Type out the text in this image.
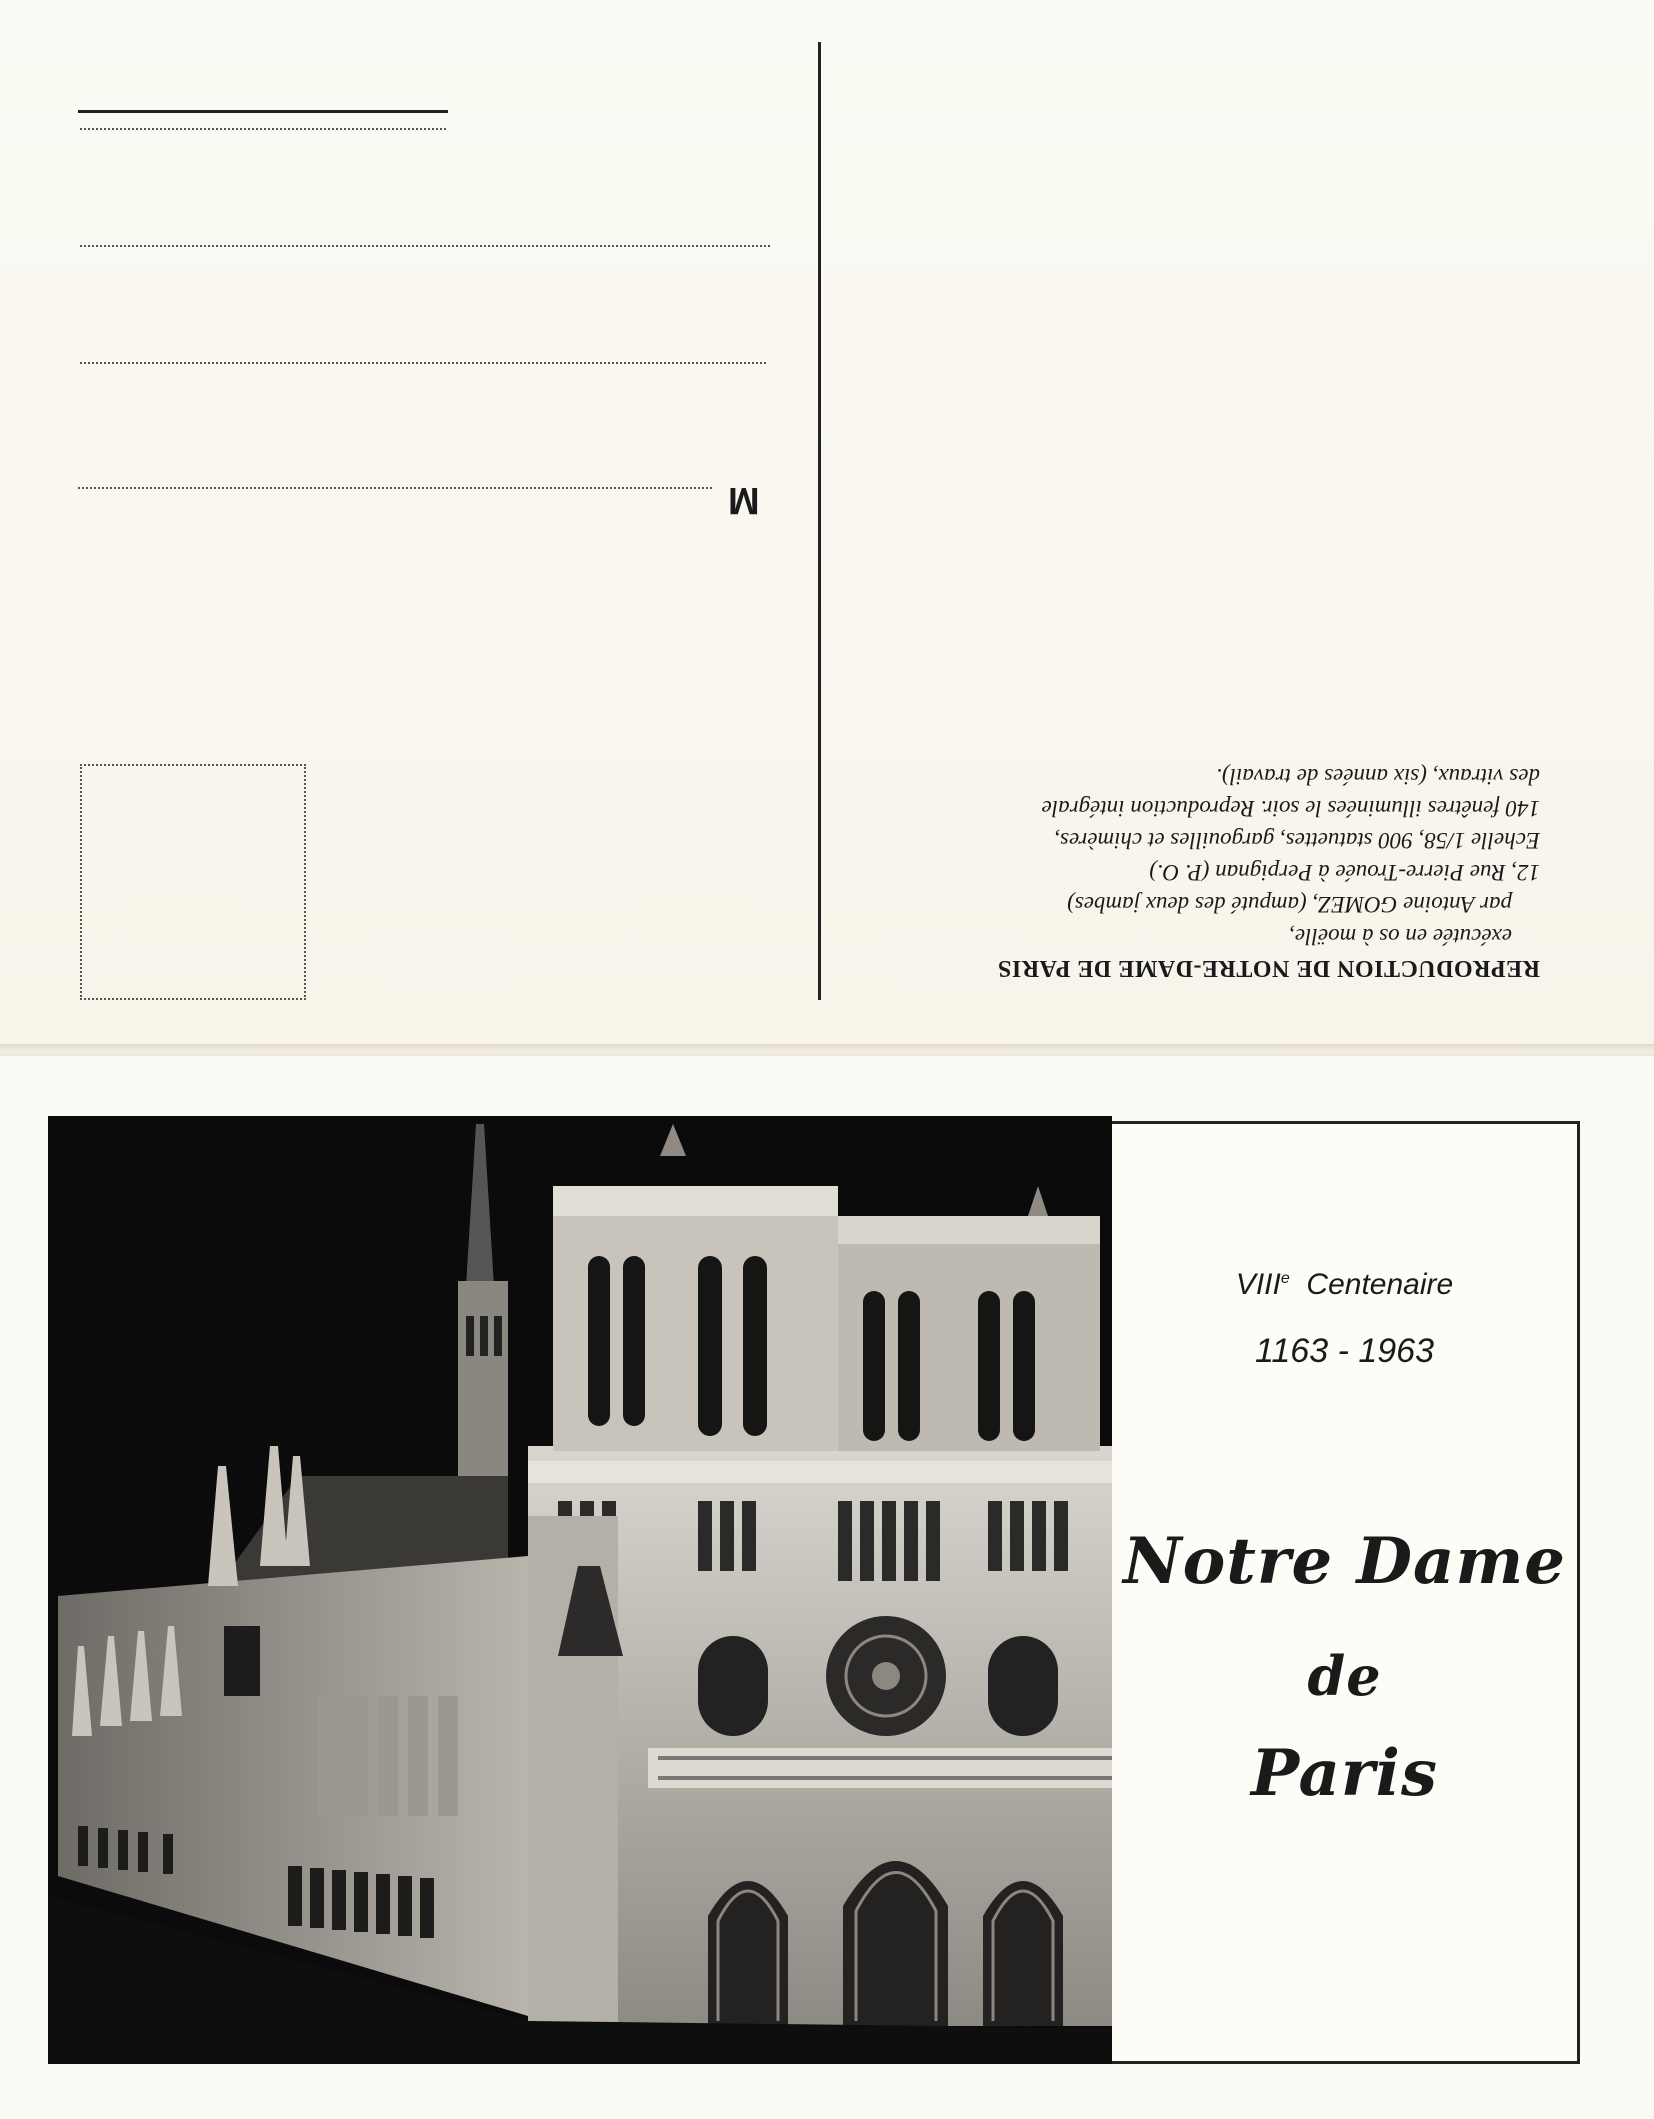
M
REPRODUCTION DE NOTRE-DAME DE PARIS
exécutée en os à moëlle,
par Antoine GOMEZ, (amputé des deux jambes)
12, Rue Pierre-Trouée à Perpignan (P. O.)
Echelle 1/58, 900 statuettes, gargouilles et chimères,
140 fenêtres illuminées le soir. Reproduction intégrale
des vitraux, (six années de travail).
VIIIe Centenaire
1163 - 1963
Notre Dame
de
Paris
